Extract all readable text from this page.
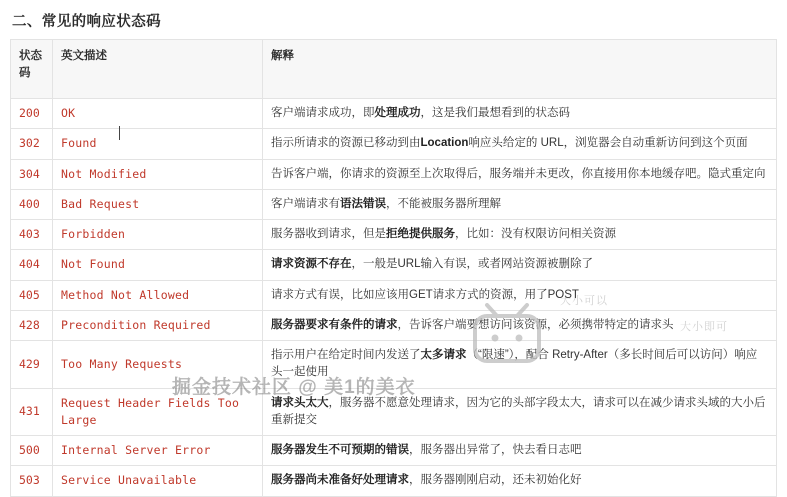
二、常见的响应状态码
状态码	英文描述	解释
200	OK	客户端请求成功，即处理成功，这是我们最想看到的状态码
302	Found	指示所请求的资源已移动到由Location响应头给定的 URL，浏览器会自动重新访问到这个页面
304	Not Modified	告诉客户端，你请求的资源至上次取得后，服务端并未更改，你直接用你本地缓存吧。隐式重定向
400	Bad Request	客户端请求有语法错误，不能被服务器所理解
403	Forbidden	服务器收到请求，但是拒绝提供服务，比如：没有权限访问相关资源
404	Not Found	请求资源不存在，一般是URL输入有误，或者网站资源被删除了
405	Method Not Allowed	请求方式有误，比如应该用GET请求方式的资源，用了POST
428	Precondition Required	服务器要求有条件的请求，告诉客户端要想访问该资源，必须携带特定的请求头
429	Too Many Requests	指示用户在给定时间内发送了太多请求（“限速”），配合 Retry-After（多长时间后可以访问）响应头一起使用
431	Request Header Fields Too Large	请求头太大，服务器不愿意处理请求，因为它的头部字段太大，请求可以在减少请求头域的大小后重新提交
500	Internal Server Error	服务器发生不可预期的错误，服务器出异常了，快去看日志吧
503	Service Unavailable	服务器尚未准备好处理请求，服务器刚刚启动，还未初始化好
大小可以
大小即可
掘金技术社区 @ 美1的美衣
